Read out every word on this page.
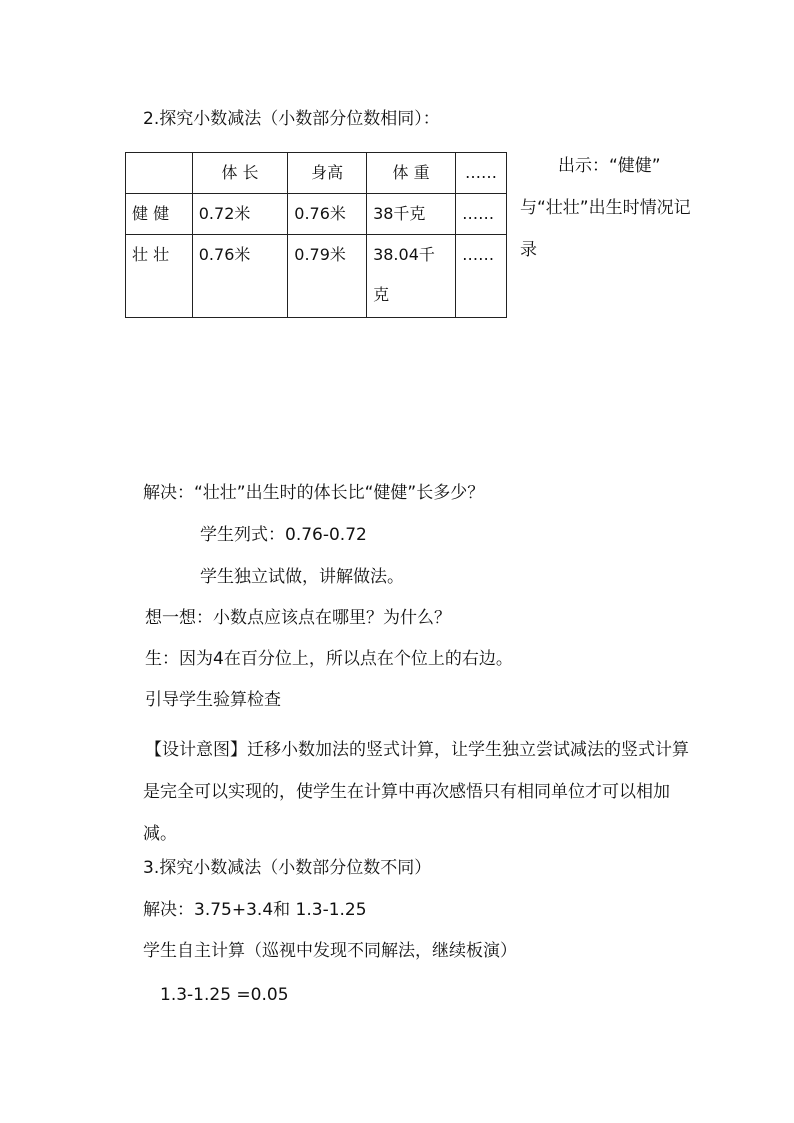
2.探究小数减法（小数部分位数相同）：
	体 长	身高	体 重	……
健 健	0.72米	0.76米	38千克	……
壮 壮	0.76米	0.79米	38.04千克	……
出示：“健健”
与“壮壮”出生时情况记录
解决：“壮壮”出生时的体长比“健健”长多少？
学生列式：0.76-0.72
学生独立试做，讲解做法。
想一想：小数点应该点在哪里？为什么？
生：因为4在百分位上，所以点在个位上的右边。
引导学生验算检查
【设计意图】迁移小数加法的竖式计算，让学生独立尝试减法的竖式计算是完全可以实现的，使学生在计算中再次感悟只有相同单位才可以相加减。
3.探究小数减法（小数部分位数不同）
解决：3.75+3.4和 1.3-1.25
学生自主计算（巡视中发现不同解法，继续板演）
1.3-1.25 =0.05
